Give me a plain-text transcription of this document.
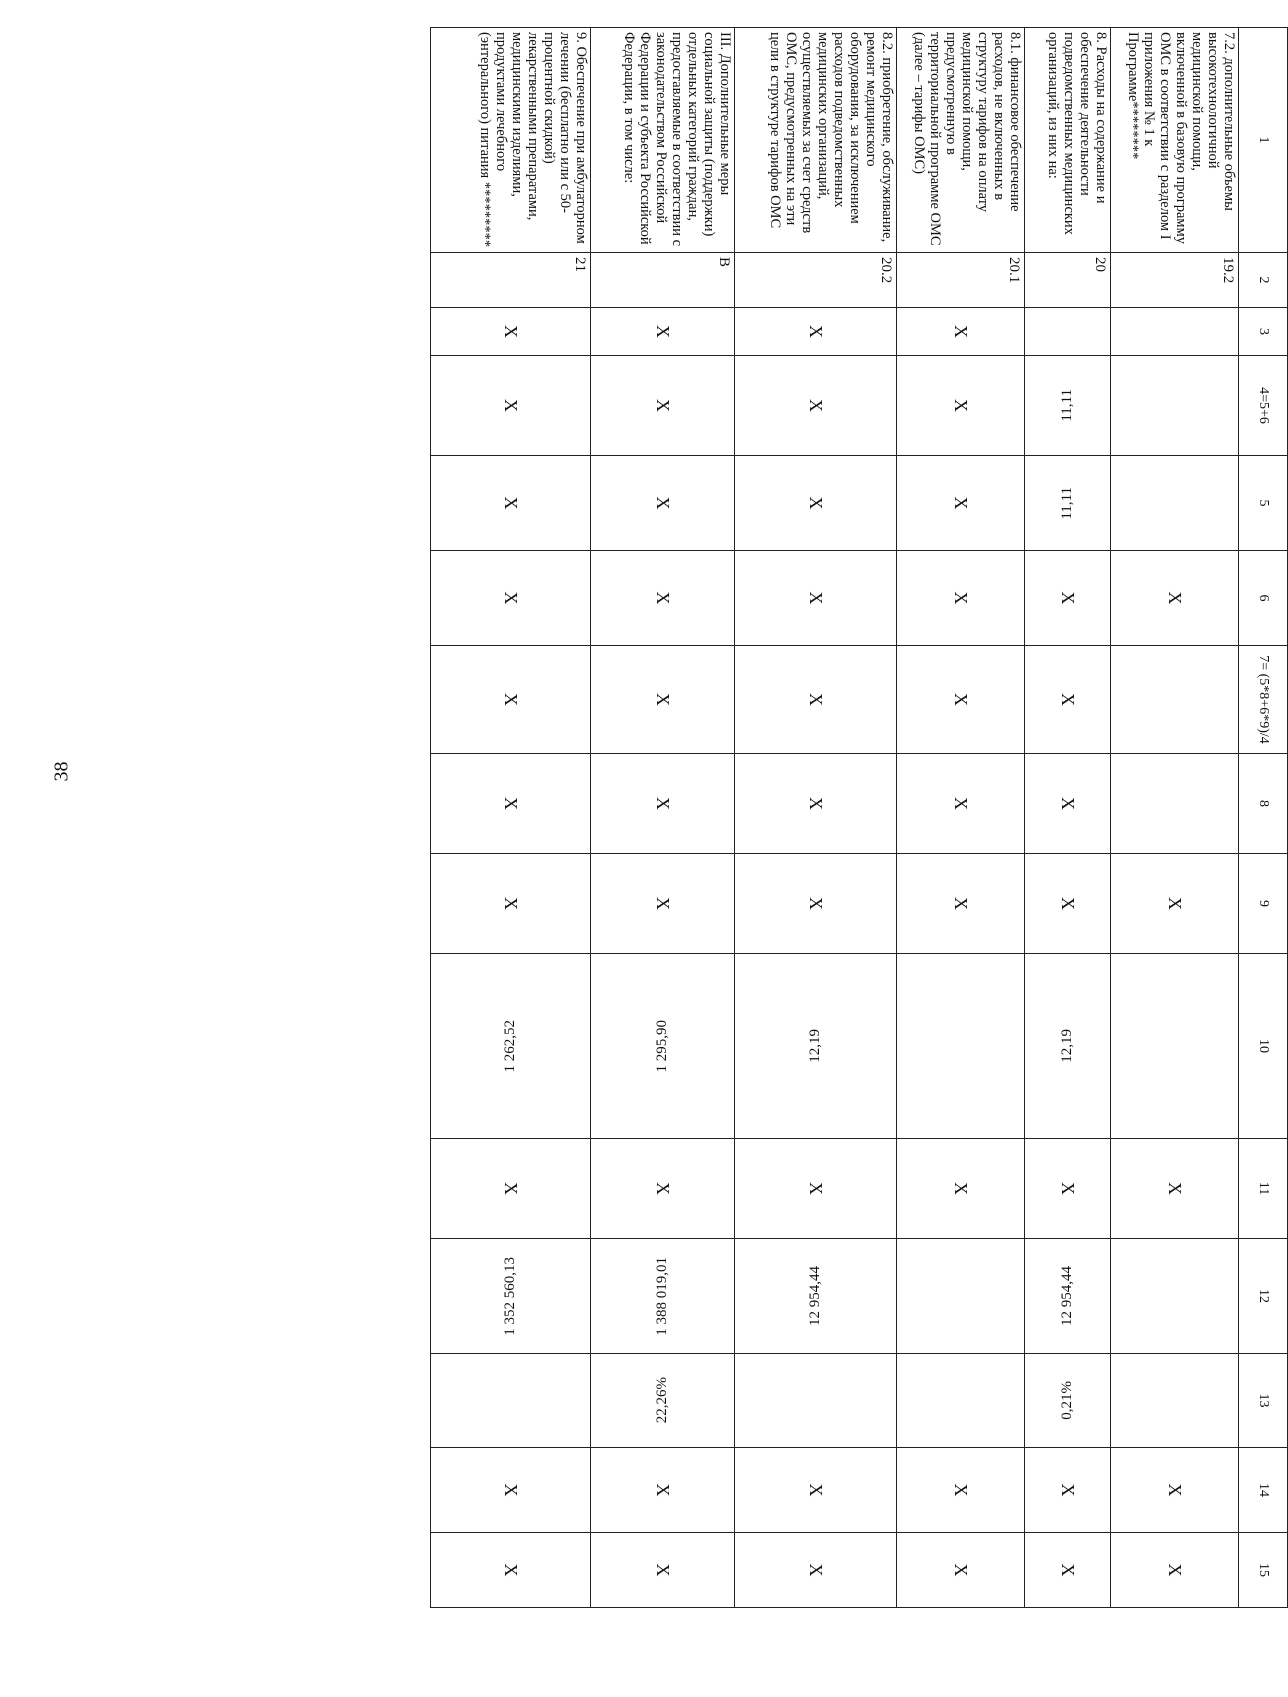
38
1	2	3	4=5+6	5	6	7= (5*8+6*9)/4	8	9	10	11	12	13	14	15
7.2. дополнительные объемы высокотехнологичной медицинской помощи, включенной в базовую программу ОМС в соответствии с разделом I приложения № 1 к Программе********	19.2				X			X		X			X	X
8. Расходы на содержание и обеспечение деятельности подведомственных медицинских организаций, из них на:	20		11,11	11,11	X	X	X	X	12,19	X	12 954,44	0,21%	X	X
8.1. финансовое обеспечение расходов, не включенных в структуру тарифов на оплату медицинской помощи, предусмотренную в территориальной программе ОМС (далее – тарифы ОМС)	20.1	X	X	X	X	X	X	X		X			X	X
8.2. приобретение, обслуживание, ремонт медицинского оборудования, за исключением расходов подведомственных медицинских организаций, осуществляемых за счет средств ОМС, предусмотренных на эти цели в структуре тарифов ОМС	20.2	X	X	X	X	X	X	X	12,19	X	12 954,44		X	X
III. Дополнительные меры социальной защиты (поддержки) отдельных категорий граждан, предоставляемые в соответствии с законодательством Российской Федерации и субъекта Российской Федерации, в том числе:	В	X	X	X	X	X	X	X	1 295,90	X	1 388 019,01	22,26%	X	X
9. Обеспечение при амбулаторном лечении (бесплатно или с 50-процентной скидкой) лекарственными препаратами, медицинскими изделиями, продуктами лечебного (энтерального) питания *********	21	X	X	X	X	X	X	X	1 262,52	X	1 352 560,13		X	X
